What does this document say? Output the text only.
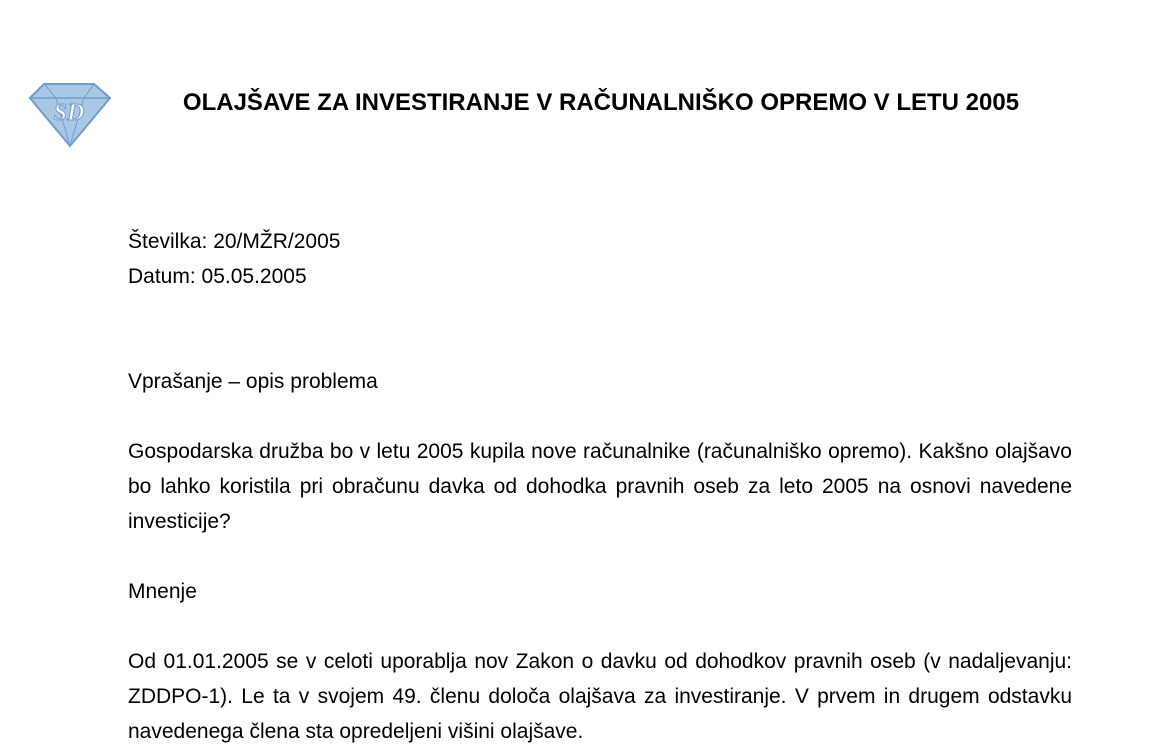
SD	OLAJŠAVE ZA INVESTIRANJE V RAČUNALNIŠKO OPREMO V LETU 2005

Številka: 20/MŽR/2005

Datum: 05.05.2005

Vprašanje – opis problema

Gospodarska družba bo v letu 2005 kupila nove računalnike (računalniško opremo). Kakšno olajšavo bo lahko koristila pri obračunu davka od dohodka pravnih oseb za leto 2005 na osnovi navedene investicije?

Mnenje

Od 01.01.2005 se v celoti uporablja nov Zakon o davku od dohodkov pravnih oseb (v nadaljevanju: ZDDPO-1). Le ta v svojem 49. členu določa olajšava za investiranje. V prvem in drugem odstavku navedenega člena sta opredeljeni višini olajšave.
